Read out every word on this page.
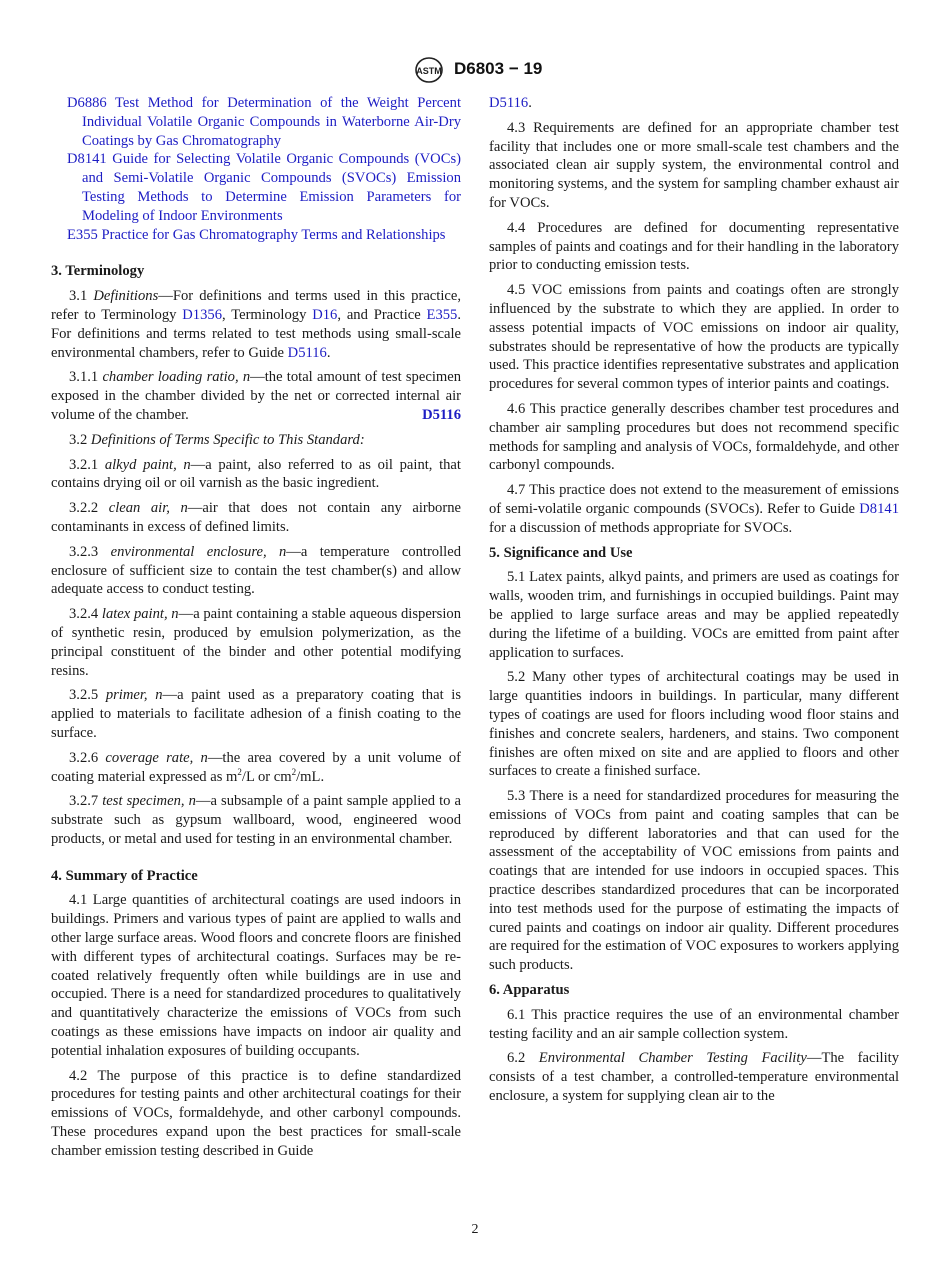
ASTM D6803 − 19
D6886 Test Method for Determination of the Weight Percent Individual Volatile Organic Compounds in Waterborne Air-Dry Coatings by Gas Chromatography
D8141 Guide for Selecting Volatile Organic Compounds (VOCs) and Semi-Volatile Organic Compounds (SVOCs) Emission Testing Methods to Determine Emission Parameters for Modeling of Indoor Environments
E355 Practice for Gas Chromatography Terms and Relationships
3. Terminology

3.1 Definitions—For definitions and terms used in this practice, refer to Terminology D1356, Terminology D16, and Practice E355. For definitions and terms related to test methods using small-scale environmental chambers, refer to Guide D5116.

3.1.1 chamber loading ratio, n—the total amount of test specimen exposed in the chamber divided by the net or corrected internal air volume of the chamber.	D5116

3.2 Definitions of Terms Specific to This Standard:

3.2.1 alkyd paint, n—a paint, also referred to as oil paint, that contains drying oil or oil varnish as the basic ingredient.

3.2.2 clean air, n—air that does not contain any airborne contaminants in excess of defined limits.

3.2.3 environmental enclosure, n—a temperature controlled enclosure of sufficient size to contain the test chamber(s) and allow adequate access to conduct testing.

3.2.4 latex paint, n—a paint containing a stable aqueous dispersion of synthetic resin, produced by emulsion polymerization, as the principal constituent of the binder and other potential modifying resins.

3.2.5 primer, n—a paint used as a preparatory coating that is applied to materials to facilitate adhesion of a finish coating to the surface.

3.2.6 coverage rate, n—the area covered by a unit volume of coating material expressed as $m^2/L$ or $cm^2/mL$.

3.2.7 test specimen, n—a subsample of a paint sample applied to a substrate such as gypsum wallboard, wood, engineered wood products, or metal and used for testing in an environmental chamber.

4. Summary of Practice

4.1 Large quantities of architectural coatings are used indoors in buildings. Primers and various types of paint are applied to walls and other large surface areas. Wood floors and concrete floors are finished with different types of architectural coatings. Surfaces may be re-coated relatively frequently often while buildings are in use and occupied. There is a need for standardized procedures to qualitatively and quantitatively characterize the emissions of VOCs from such coatings as these emissions have impacts on indoor air quality and potential inhalation exposures of building occupants.

4.2 The purpose of this practice is to define standardized procedures for testing paints and other architectural coatings for their emissions of VOCs, formaldehyde, and other carbonyl compounds. These procedures expand upon the best practices for small-scale chamber emission testing described in Guide

D5116.

4.3 Requirements are defined for an appropriate chamber test facility that includes one or more small-scale test chambers and the associated clean air supply system, the environmental control and monitoring systems, and the system for sampling chamber exhaust air for VOCs.

4.4 Procedures are defined for documenting representative samples of paints and coatings and for their handling in the laboratory prior to conducting emission tests.

4.5 VOC emissions from paints and coatings often are strongly influenced by the substrate to which they are applied. In order to assess potential impacts of VOC emissions on indoor air quality, substrates should be representative of how the products are typically used. This practice identifies representative substrates and application procedures for several common types of interior paints and coatings.

4.6 This practice generally describes chamber test procedures and chamber air sampling procedures but does not recommend specific methods for sampling and analysis of VOCs, formaldehyde, and other carbonyl compounds.

4.7 This practice does not extend to the measurement of emissions of semi-volatile organic compounds (SVOCs). Refer to Guide D8141 for a discussion of methods appropriate for SVOCs.

5. Significance and Use

5.1 Latex paints, alkyd paints, and primers are used as coatings for walls, wooden trim, and furnishings in occupied buildings. Paint may be applied to large surface areas and may be applied repeatedly during the lifetime of a building. VOCs are emitted from paint after application to surfaces.

5.2 Many other types of architectural coatings may be used in large quantities indoors in buildings. In particular, many different types of coatings are used for floors including wood floor stains and finishes and concrete sealers, hardeners, and stains. Two component finishes are often mixed on site and are applied to floors and other surfaces to create a finished surface.

5.3 There is a need for standardized procedures for measuring the emissions of VOCs from paint and coating samples that can be reproduced by different laboratories and that can used for the assessment of the acceptability of VOC emissions from paints and coatings that are intended for use indoors in occupied spaces. This practice describes standardized procedures that can be incorporated into test methods used for the purpose of estimating the impacts of cured paints and coatings on indoor air quality. Different procedures are required for the estimation of VOC exposures to workers applying such products.

6. Apparatus

6.1 This practice requires the use of an environmental chamber testing facility and an air sample collection system.

6.2 Environmental Chamber Testing Facility—The facility consists of a test chamber, a controlled-temperature environmental enclosure, a system for supplying clean air to the

2
